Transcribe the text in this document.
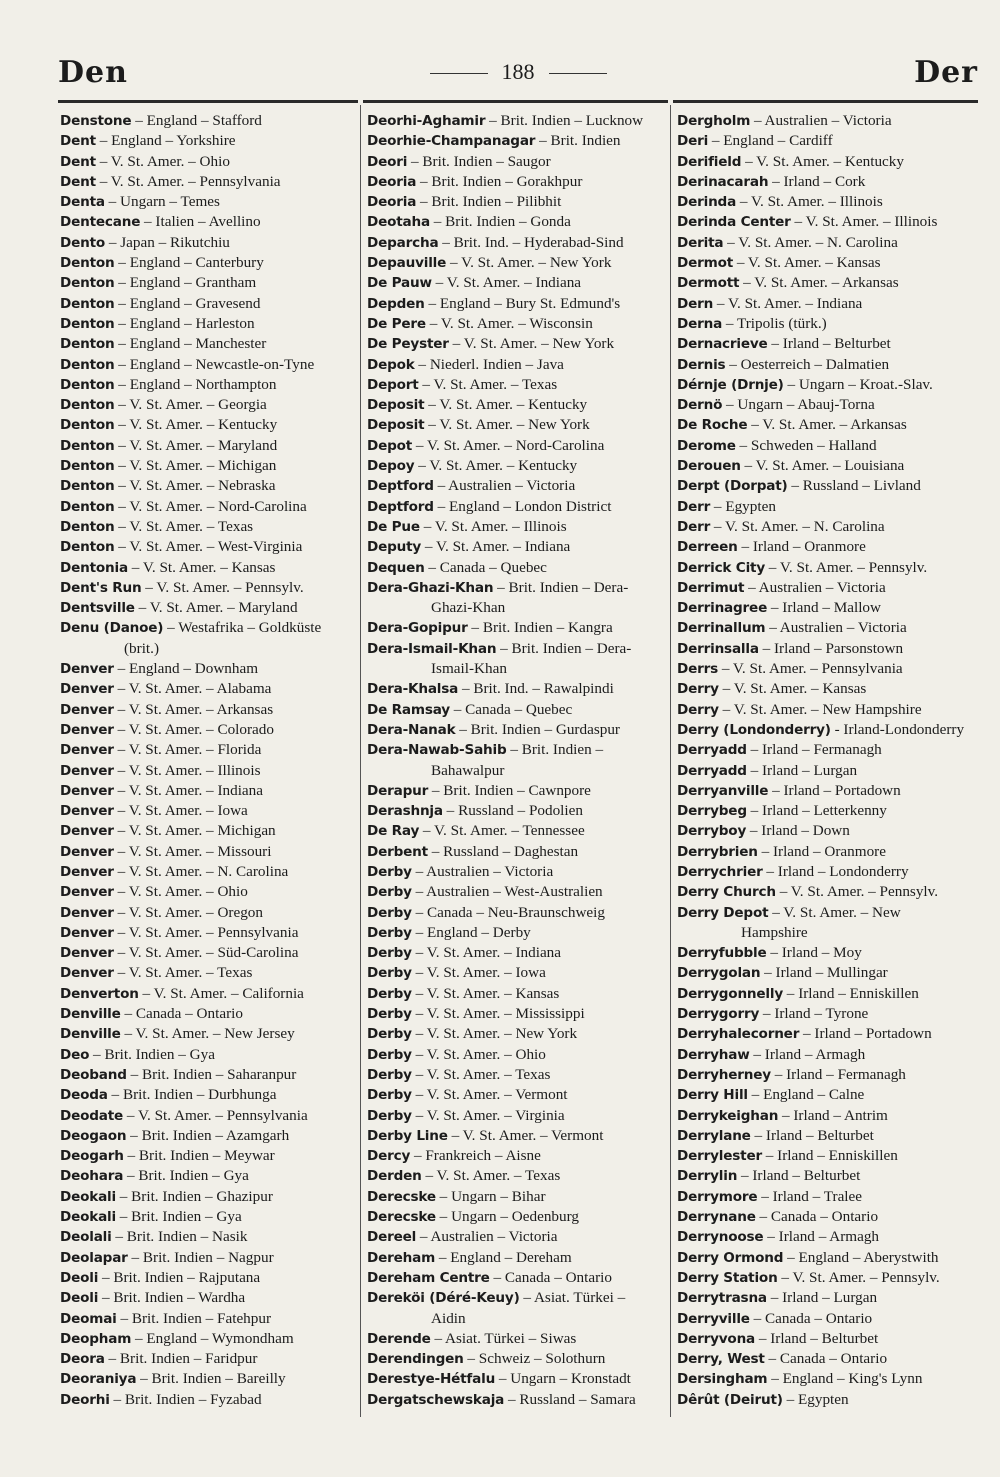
Den	188	Der
Denstone – England – Stafford
Dent – England – Yorkshire
Dent – V. St. Amer. – Ohio
Dent – V. St. Amer. – Pennsylvania
Denta – Ungarn – Temes
Dentecane – Italien – Avellino
Dento – Japan – Rikutchiu
Denton – England – Canterbury
Denton – England – Grantham
Denton – England – Gravesend
Denton – England – Harleston
Denton – England – Manchester
Denton – England – Newcastle-on-Tyne
Denton – England – Northampton
Denton – V. St. Amer. – Georgia
Denton – V. St. Amer. – Kentucky
Denton – V. St. Amer. – Maryland
Denton – V. St. Amer. – Michigan
Denton – V. St. Amer. – Nebraska
Denton – V. St. Amer. – Nord-Carolina
Denton – V. St. Amer. – Texas
Denton – V. St. Amer. – West-Virginia
Dentonia – V. St. Amer. – Kansas
Dent's Run – V. St. Amer. – Pennsylv.
Dentsville – V. St. Amer. – Maryland
Denu (Danoe) – Westafrika – Goldküste
(brit.)
Denver – England – Downham
Denver – V. St. Amer. – Alabama
Denver – V. St. Amer. – Arkansas
Denver – V. St. Amer. – Colorado
Denver – V. St. Amer. – Florida
Denver – V. St. Amer. – Illinois
Denver – V. St. Amer. – Indiana
Denver – V. St. Amer. – Iowa
Denver – V. St. Amer. – Michigan
Denver – V. St. Amer. – Missouri
Denver – V. St. Amer. – N. Carolina
Denver – V. St. Amer. – Ohio
Denver – V. St. Amer. – Oregon
Denver – V. St. Amer. – Pennsylvania
Denver – V. St. Amer. – Süd-Carolina
Denver – V. St. Amer. – Texas
Denverton – V. St. Amer. – California
Denville – Canada – Ontario
Denville – V. St. Amer. – New Jersey
Deo – Brit. Indien – Gya
Deoband – Brit. Indien – Saharanpur
Deoda – Brit. Indien – Durbhunga
Deodate – V. St. Amer. – Pennsylvania
Deogaon – Brit. Indien – Azamgarh
Deogarh – Brit. Indien – Meywar
Deohara – Brit. Indien – Gya
Deokali – Brit. Indien – Ghazipur
Deokali – Brit. Indien – Gya
Deolali – Brit. Indien – Nasik
Deolapar – Brit. Indien – Nagpur
Deoli – Brit. Indien – Rajputana
Deoli – Brit. Indien – Wardha
Deomai – Brit. Indien – Fatehpur
Deopham – England – Wymondham
Deora – Brit. Indien – Faridpur
Deoraniya – Brit. Indien – Bareilly
Deorhi – Brit. Indien – Fyzabad
Deorhi-Aghamir – Brit. Indien – Lucknow
Deorhie-Champanagar – Brit. Indien
Deori – Brit. Indien – Saugor
Deoria – Brit. Indien – Gorakhpur
Deoria – Brit. Indien – Pilibhit
Deotaha – Brit. Indien – Gonda
Deparcha – Brit. Ind. – Hyderabad-Sind
Depauville – V. St. Amer. – New York
De Pauw – V. St. Amer. – Indiana
Depden – England – Bury St. Edmund's
De Pere – V. St. Amer. – Wisconsin
De Peyster – V. St. Amer. – New York
Depok – Niederl. Indien – Java
Deport – V. St. Amer. – Texas
Deposit – V. St. Amer. – Kentucky
Deposit – V. St. Amer. – New York
Depot – V. St. Amer. – Nord-Carolina
Depoy – V. St. Amer. – Kentucky
Deptford – Australien – Victoria
Deptford – England – London District
De Pue – V. St. Amer. – Illinois
Deputy – V. St. Amer. – Indiana
Dequen – Canada – Quebec
Dera-Ghazi-Khan – Brit. Indien – Dera-
Ghazi-Khan
Dera-Gopipur – Brit. Indien – Kangra
Dera-Ismail-Khan – Brit. Indien – Dera-
Ismail-Khan
Dera-Khalsa – Brit. Ind. – Rawalpindi
De Ramsay – Canada – Quebec
Dera-Nanak – Brit. Indien – Gurdaspur
Dera-Nawab-Sahib – Brit. Indien –
Bahawalpur
Derapur – Brit. Indien – Cawnpore
Derashnja – Russland – Podolien
De Ray – V. St. Amer. – Tennessee
Derbent – Russland – Daghestan
Derby – Australien – Victoria
Derby – Australien – West-Australien
Derby – Canada – Neu-Braunschweig
Derby – England – Derby
Derby – V. St. Amer. – Indiana
Derby – V. St. Amer. – Iowa
Derby – V. St. Amer. – Kansas
Derby – V. St. Amer. – Mississippi
Derby – V. St. Amer. – New York
Derby – V. St. Amer. – Ohio
Derby – V. St. Amer. – Texas
Derby – V. St. Amer. – Vermont
Derby – V. St. Amer. – Virginia
Derby Line – V. St. Amer. – Vermont
Dercy – Frankreich – Aisne
Derden – V. St. Amer. – Texas
Derecske – Ungarn – Bihar
Derecske – Ungarn – Oedenburg
Dereel – Australien – Victoria
Dereham – England – Dereham
Dereham Centre – Canada – Ontario
Dereköi (Déré-Keuy) – Asiat. Türkei –
Aidin
Derende – Asiat. Türkei – Siwas
Derendingen – Schweiz – Solothurn
Derestye-Hétfalu – Ungarn – Kronstadt
Dergatschewskaja – Russland – Samara
Dergholm – Australien – Victoria
Deri – England – Cardiff
Derifield – V. St. Amer. – Kentucky
Derinacarah – Irland – Cork
Derinda – V. St. Amer. – Illinois
Derinda Center – V. St. Amer. – Illinois
Derita – V. St. Amer. – N. Carolina
Dermot – V. St. Amer. – Kansas
Dermott – V. St. Amer. – Arkansas
Dern – V. St. Amer. – Indiana
Derna – Tripolis (türk.)
Dernacrieve – Irland – Belturbet
Dernis – Oesterreich – Dalmatien
Dérnje (Drnje) – Ungarn – Kroat.-Slav.
Dernö – Ungarn – Abauj-Torna
De Roche – V. St. Amer. – Arkansas
Derome – Schweden – Halland
Derouen – V. St. Amer. – Louisiana
Derpt (Dorpat) – Russland – Livland
Derr – Egypten
Derr – V. St. Amer. – N. Carolina
Derreen – Irland – Oranmore
Derrick City – V. St. Amer. – Pennsylv.
Derrimut – Australien – Victoria
Derrinagree – Irland – Mallow
Derrinallum – Australien – Victoria
Derrinsalla – Irland – Parsonstown
Derrs – V. St. Amer. – Pennsylvania
Derry – V. St. Amer. – Kansas
Derry – V. St. Amer. – New Hampshire
Derry (Londonderry) - Irland-Londonderry
Derryadd – Irland – Fermanagh
Derryadd – Irland – Lurgan
Derryanville – Irland – Portadown
Derrybeg – Irland – Letterkenny
Derryboy – Irland – Down
Derrybrien – Irland – Oranmore
Derrychrier – Irland – Londonderry
Derry Church – V. St. Amer. – Pennsylv.
Derry Depot – V. St. Amer. – New
Hampshire
Derryfubble – Irland – Moy
Derrygolan – Irland – Mullingar
Derrygonnelly – Irland – Enniskillen
Derrygorry – Irland – Tyrone
Derryhalecorner – Irland – Portadown
Derryhaw – Irland – Armagh
Derryherney – Irland – Fermanagh
Derry Hill – England – Calne
Derrykeighan – Irland – Antrim
Derrylane – Irland – Belturbet
Derrylester – Irland – Enniskillen
Derrylin – Irland – Belturbet
Derrymore – Irland – Tralee
Derrynane – Canada – Ontario
Derrynoose – Irland – Armagh
Derry Ormond – England – Aberystwith
Derry Station – V. St. Amer. – Pennsylv.
Derrytrasna – Irland – Lurgan
Derryville – Canada – Ontario
Derryvona – Irland – Belturbet
Derry, West – Canada – Ontario
Dersingham – England – King's Lynn
Dêrût (Deirut) – Egypten
